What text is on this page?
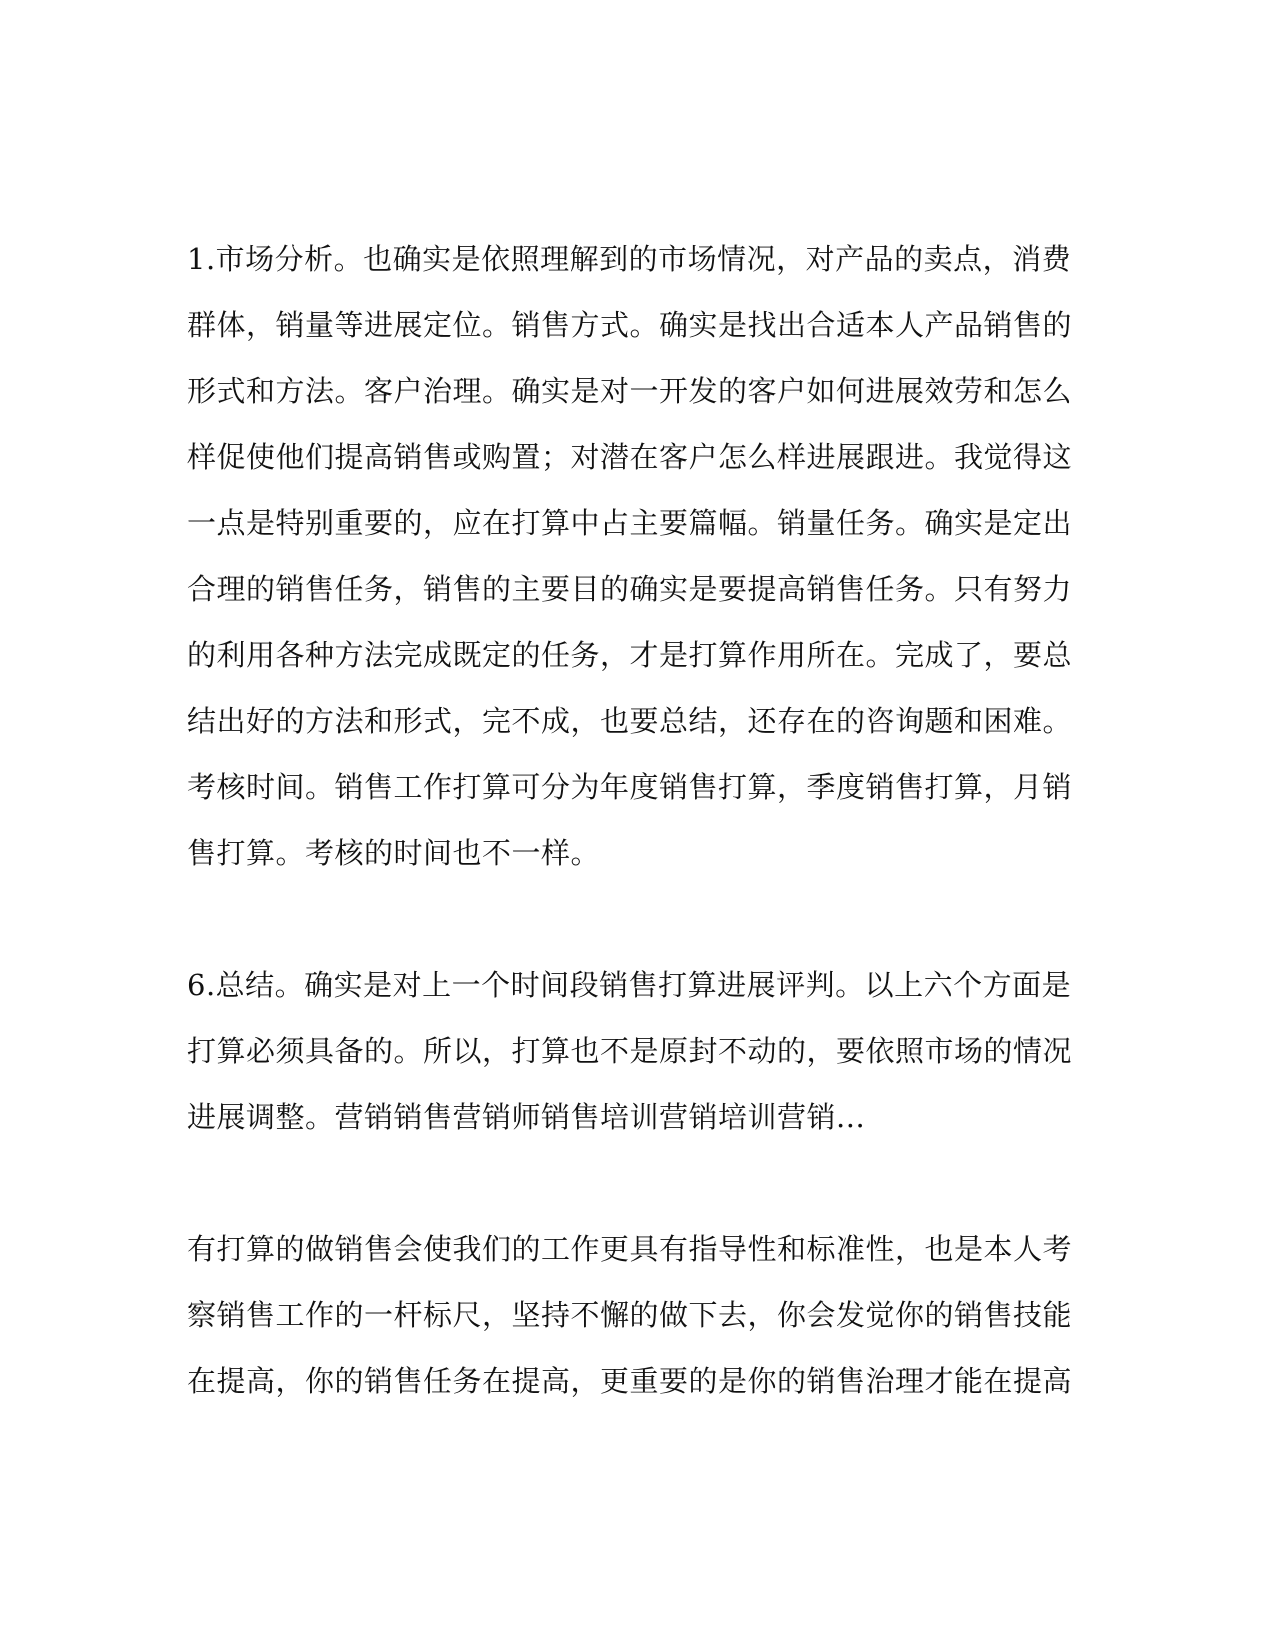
1.市场分析。也确实是依照理解到的市场情况，对产品的卖点，消费
群体，销量等进展定位。销售方式。确实是找出合适本人产品销售的
形式和方法。客户治理。确实是对一开发的客户如何进展效劳和怎么
样促使他们提高销售或购置；对潜在客户怎么样进展跟进。我觉得这
一点是特别重要的，应在打算中占主要篇幅。销量任务。确实是定出
合理的销售任务，销售的主要目的确实是要提高销售任务。只有努力
的利用各种方法完成既定的任务，才是打算作用所在。完成了，要总
结出好的方法和形式，完不成，也要总结，还存在的咨询题和困难。
考核时间。销售工作打算可分为年度销售打算，季度销售打算，月销
售打算。考核的时间也不一样。
6.总结。确实是对上一个时间段销售打算进展评判。以上六个方面是
打算必须具备的。所以，打算也不是原封不动的，要依照市场的情况
进展调整。营销销售营销师销售培训营销培训营销...
有打算的做销售会使我们的工作更具有指导性和标准性，也是本人考
察销售工作的一杆标尺，坚持不懈的做下去，你会发觉你的销售技能
在提高，你的销售任务在提高，更重要的是你的销售治理才能在提高
